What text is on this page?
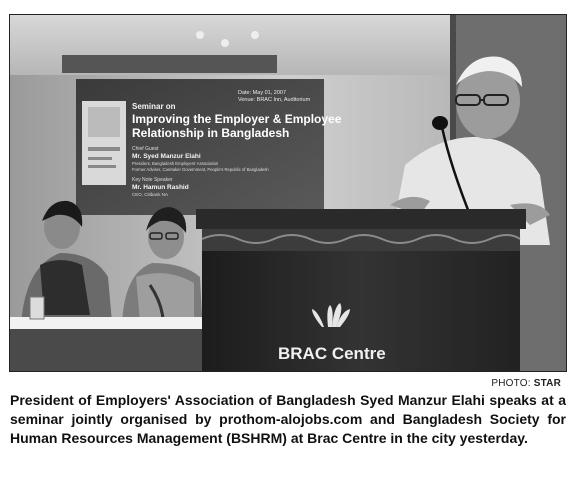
Date: May 01, 2007
Venue: BRAC Inn, Auditorium
Seminar on
Improving the Employer & Employee
Relationship in Bangladesh
Chief Guest
Mr. Syed Manzur Elahi
President, Bangladesh Employers' Association
Former Adviser, Caretaker Government, People's Republic of Bangladesh
Key Note Speaker
Mr. Hamun Rashid
CEO, Citibank NA
BRAC Centre
PHOTO: STAR
President of Employers' Association of Bangladesh Syed Manzur Elahi speaks at a seminar jointly organised by prothom-alojobs.com and Bangladesh Society for Human Resources Management (BSHRM) at Brac Centre in the city yesterday.
